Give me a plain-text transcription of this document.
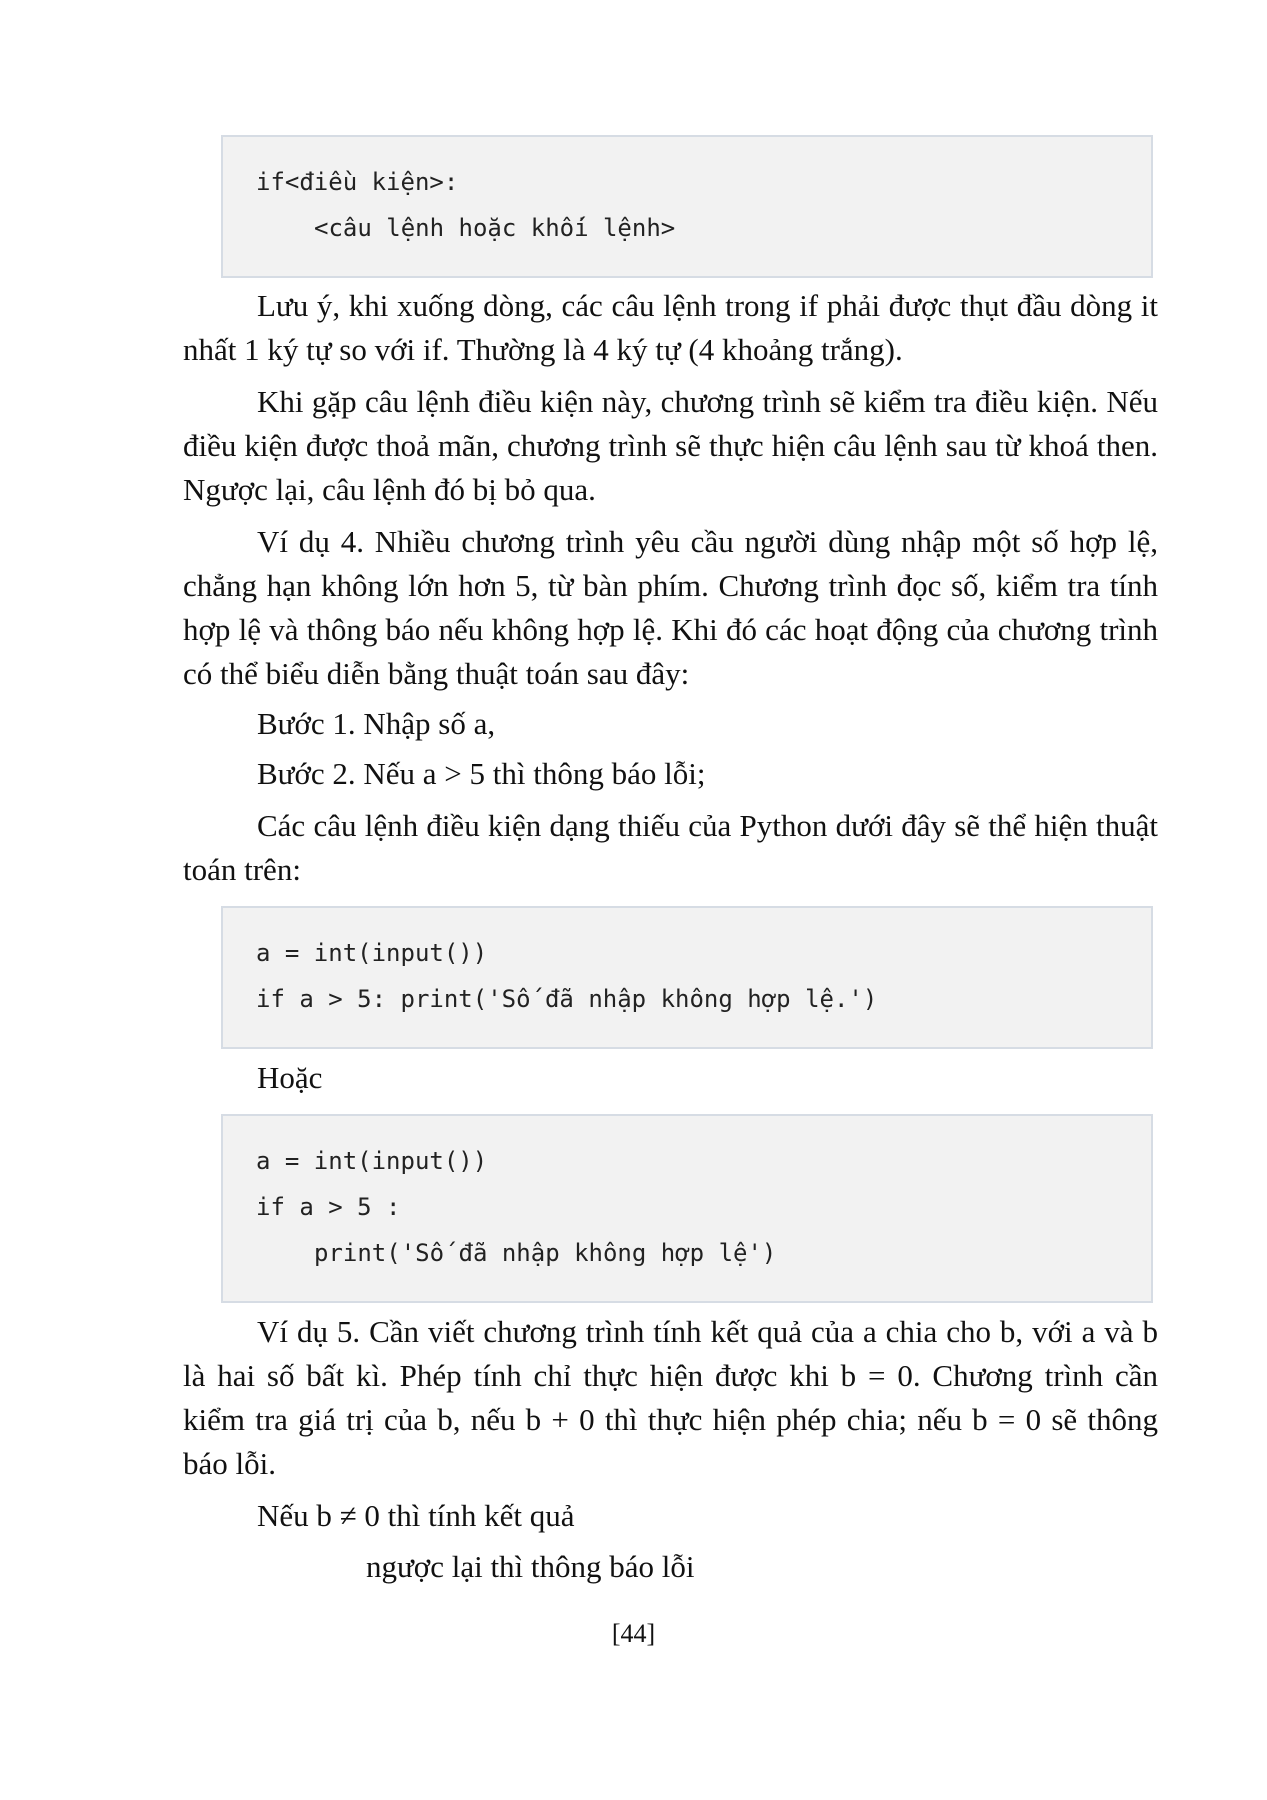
if<điều kiện>:
<câu lệnh hoặc khối lệnh>

Lưu ý, khi xuống dòng, các câu lệnh trong if phải được thụt đầu dòng it nhất 1 ký tự so với if. Thường là 4 ký tự (4 khoảng trắng).

Khi gặp câu lệnh điều kiện này, chương trình sẽ kiểm tra điều kiện. Nếu điều kiện được thoả mãn, chương trình sẽ thực hiện câu lệnh sau từ khoá then. Ngược lại, câu lệnh đó bị bỏ qua.

Ví dụ 4. Nhiều chương trình yêu cầu người dùng nhập một số hợp lệ, chẳng hạn không lớn hơn 5, từ bàn phím. Chương trình đọc số, kiểm tra tính hợp lệ và thông báo nếu không hợp lệ. Khi đó các hoạt động của chương trình có thể biểu diễn bằng thuật toán sau đây:

Bước 1. Nhập số a,

Bước 2. Nếu a > 5 thì thông báo lỗi;

Các câu lệnh điều kiện dạng thiếu của Python dưới đây sẽ thể hiện thuật toán trên:

a = int(input())
if a > 5: print('Số đã nhập không hợp lệ.')

Hoặc

a = int(input())
if a > 5 :
print('Số đã nhập không hợp lệ')

Ví dụ 5. Cần viết chương trình tính kết quả của a chia cho b, với a và b là hai số bất kì. Phép tính chỉ thực hiện được khi b = 0. Chương trình cần kiểm tra giá trị của b, nếu b + 0 thì thực hiện phép chia; nếu b = 0 sẽ thông báo lỗi.

Nếu b ≠ 0 thì tính kết quả

ngược lại thì thông báo lỗi

[44]
